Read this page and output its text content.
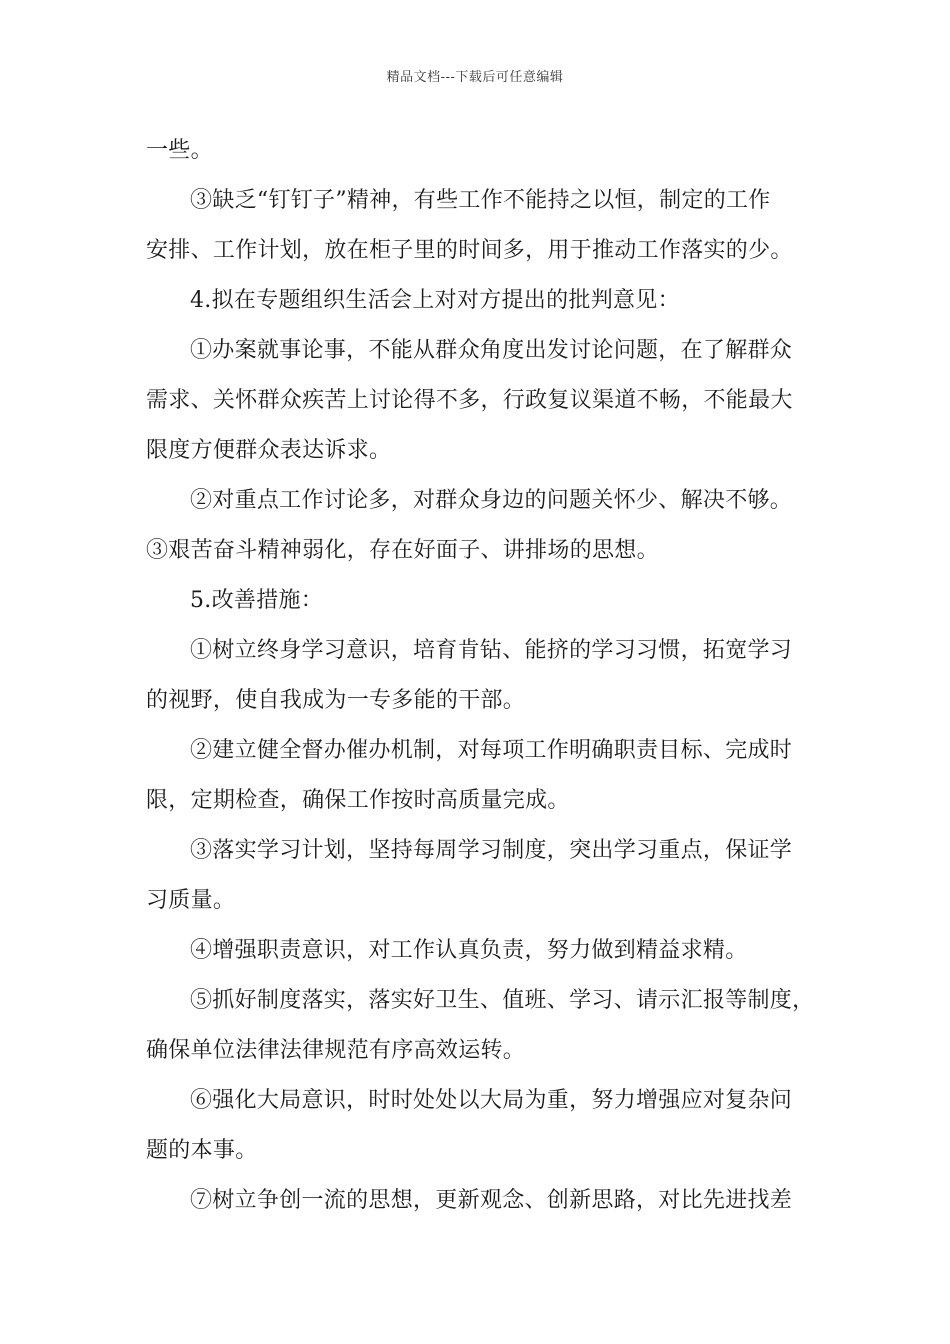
精品文档---下载后可任意编辑
一些。
③缺乏“钉钉子”精神，有些工作不能持之以恒，制定的工作
安排、工作计划，放在柜子里的时间多，用于推动工作落实的少。
4.拟在专题组织生活会上对对方提出的批判意见：
①办案就事论事，不能从群众角度出发讨论问题，在了解群众
需求、关怀群众疾苦上讨论得不多，行政复议渠道不畅，不能最大
限度方便群众表达诉求。
②对重点工作讨论多，对群众身边的问题关怀少、解决不够。
③艰苦奋斗精神弱化，存在好面子、讲排场的思想。
5.改善措施：
①树立终身学习意识，培育肯钻、能挤的学习习惯，拓宽学习
的视野，使自我成为一专多能的干部。
②建立健全督办催办机制，对每项工作明确职责目标、完成时
限，定期检查，确保工作按时高质量完成。
③落实学习计划，坚持每周学习制度，突出学习重点，保证学
习质量。
④增强职责意识，对工作认真负责，努力做到精益求精。
⑤抓好制度落实，落实好卫生、值班、学习、请示汇报等制度，
确保单位法律法律规范有序高效运转。
⑥强化大局意识，时时处处以大局为重，努力增强应对复杂问
题的本事。
⑦树立争创一流的思想，更新观念、创新思路，对比先进找差
